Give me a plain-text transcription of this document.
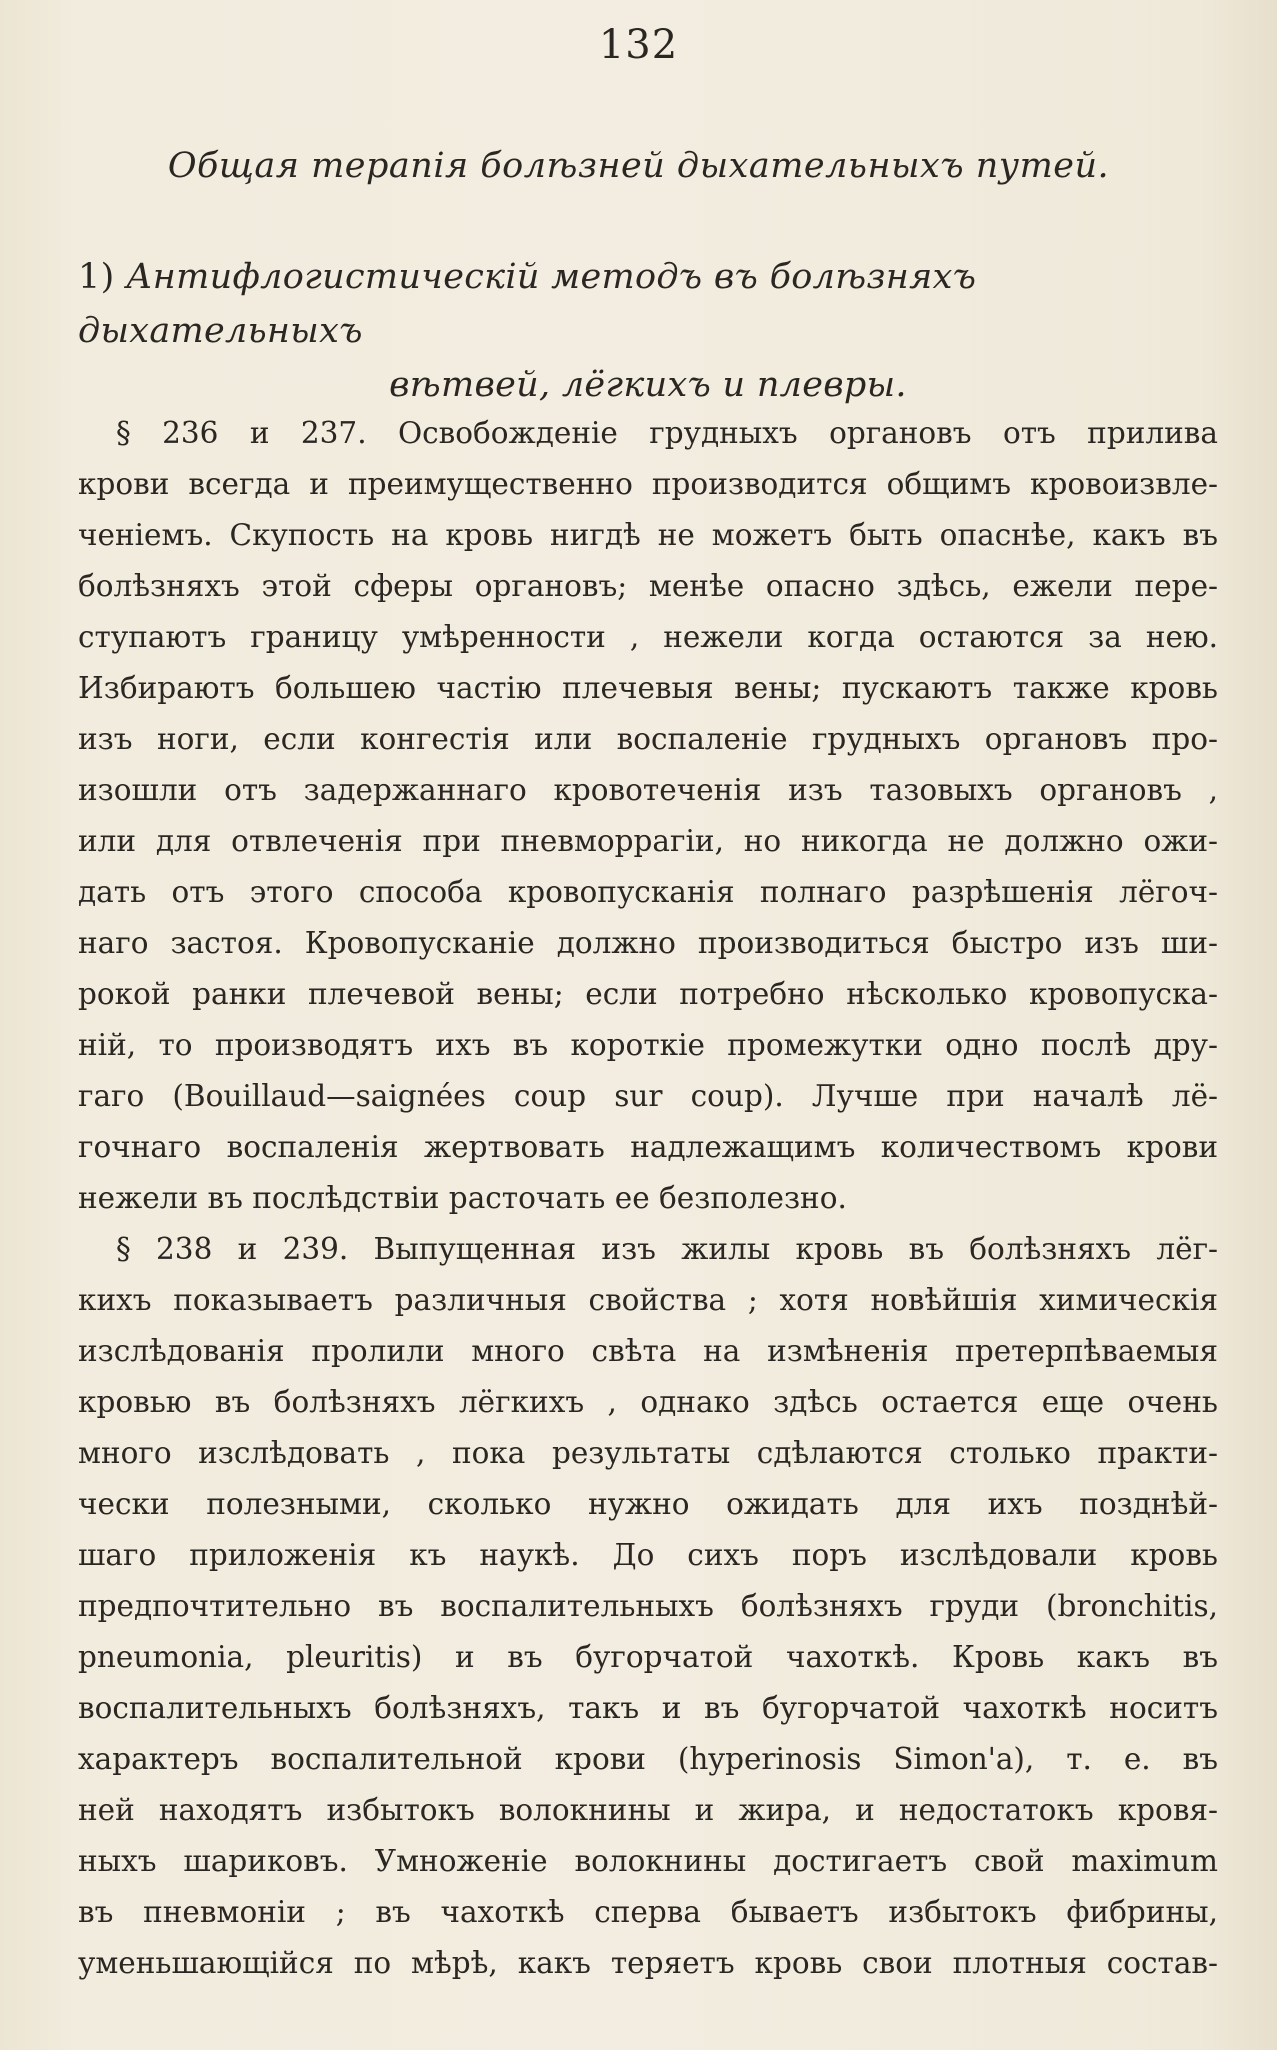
132
Общая терапія болѣзней дыхательныхъ путей.
1) Антифлогистическій методъ въ болѣзняхъ дыхательныхъ
вѣтвей, лёгкихъ и плевры.
§ 236 и 237. Освобожденіе грудныхъ органовъ отъ прилива
крови всегда и преимущественно производится общимъ кровоизвле-
ченіемъ. Скупость на кровь нигдѣ не можетъ быть опаснѣе, какъ въ
болѣзняхъ этой сферы органовъ; менѣе опасно здѣсь, ежели пере-
ступаютъ границу умѣренности , нежели когда остаются за нею.
Избираютъ большею частію плечевыя вены; пускаютъ также кровь
изъ ноги, если конгестія или воспаленіе грудныхъ органовъ про-
изошли отъ задержаннаго кровотеченія изъ тазовыхъ органовъ ,
или для отвлеченія при пневморрагіи, но никогда не должно ожи-
дать отъ этого способа кровопусканія полнаго разрѣшенія лёгоч-
наго застоя. Кровопусканіе должно производиться быстро изъ ши-
рокой ранки плечевой вены; если потребно нѣсколько кровопуска-
ній, то производятъ ихъ въ короткіе промежутки одно послѣ дру-
гаго (Bouillaud—saignées coup sur coup). Лучше при началѣ лё-
гочнаго воспаленія жертвовать надлежащимъ количествомъ крови
нежели въ послѣдствіи расточать ее безполезно.
§ 238 и 239. Выпущенная изъ жилы кровь въ болѣзняхъ лёг-
кихъ показываетъ различныя свойства ; хотя новѣйшія химическія
изслѣдованія пролили много свѣта на измѣненія претерпѣваемыя
кровью въ болѣзняхъ лёгкихъ , однако здѣсь остается еще очень
много изслѣдовать , пока результаты сдѣлаются столько практи-
чески полезными, сколько нужно ожидать для ихъ позднѣй-
шаго приложенія къ наукѣ. До сихъ поръ изслѣдовали кровь
предпочтительно въ воспалительныхъ болѣзняхъ груди (bronchitis,
pneumonia, pleuritis) и въ бугорчатой чахоткѣ. Кровь какъ въ
воспалительныхъ болѣзняхъ, такъ и въ бугорчатой чахоткѣ носитъ
характеръ воспалительной крови (hyperinosis Simon'a), т. е. въ
ней находятъ избытокъ волокнины и жира, и недостатокъ кровя-
ныхъ шариковъ. Умноженіе волокнины достигаетъ свой maximum
въ пневмоніи ; въ чахоткѣ сперва бываетъ избытокъ фибрины,
уменьшающійся по мѣрѣ, какъ теряетъ кровь свои плотныя состав-
